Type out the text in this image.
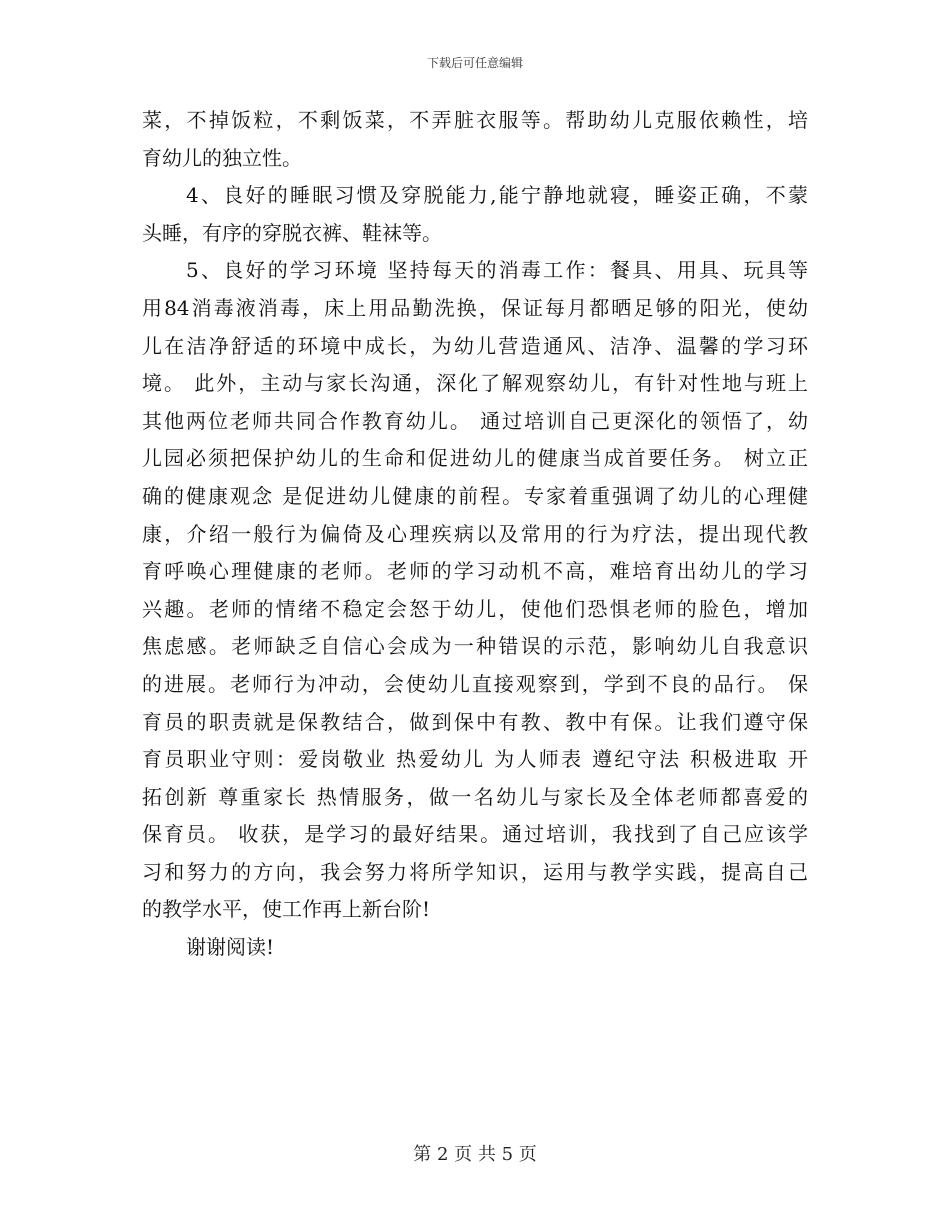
下载后可任意编辑
菜，不掉饭粒，不剩饭菜，不弄脏衣服等。帮助幼儿克服依赖性，培
育幼儿的独立性。
4、良好的睡眠习惯及穿脱能力,能宁静地就寝，睡姿正确，不蒙
头睡，有序的穿脱衣裤、鞋袜等。
5、良好的学习环境 坚持每天的消毒工作：餐具、用具、玩具等
用84消毒液消毒，床上用品勤洗换，保证每月都晒足够的阳光，使幼
儿在洁净舒适的环境中成长，为幼儿营造通风、洁净、温馨的学习环
境。 此外，主动与家长沟通，深化了解观察幼儿，有针对性地与班上
其他两位老师共同合作教育幼儿。 通过培训自己更深化的领悟了，幼
儿园必须把保护幼儿的生命和促进幼儿的健康当成首要任务。 树立正
确的健康观念 是促进幼儿健康的前程。专家着重强调了幼儿的心理健
康，介绍一般行为偏倚及心理疾病以及常用的行为疗法，提出现代教
育呼唤心理健康的老师。老师的学习动机不高，难培育出幼儿的学习
兴趣。老师的情绪不稳定会怒于幼儿，使他们恐惧老师的脸色，增加
焦虑感。老师缺乏自信心会成为一种错误的示范，影响幼儿自我意识
的进展。老师行为冲动，会使幼儿直接观察到，学到不良的品行。 保
育员的职责就是保教结合，做到保中有教、教中有保。让我们遵守保
育员职业守则：爱岗敬业 热爱幼儿 为人师表 遵纪守法 积极进取 开
拓创新 尊重家长 热情服务，做一名幼儿与家长及全体老师都喜爱的
保育员。 收获，是学习的最好结果。通过培训，我找到了自己应该学
习和努力的方向，我会努力将所学知识，运用与教学实践，提高自己
的教学水平，使工作再上新台阶!
谢谢阅读!
第 2 页 共 5 页
